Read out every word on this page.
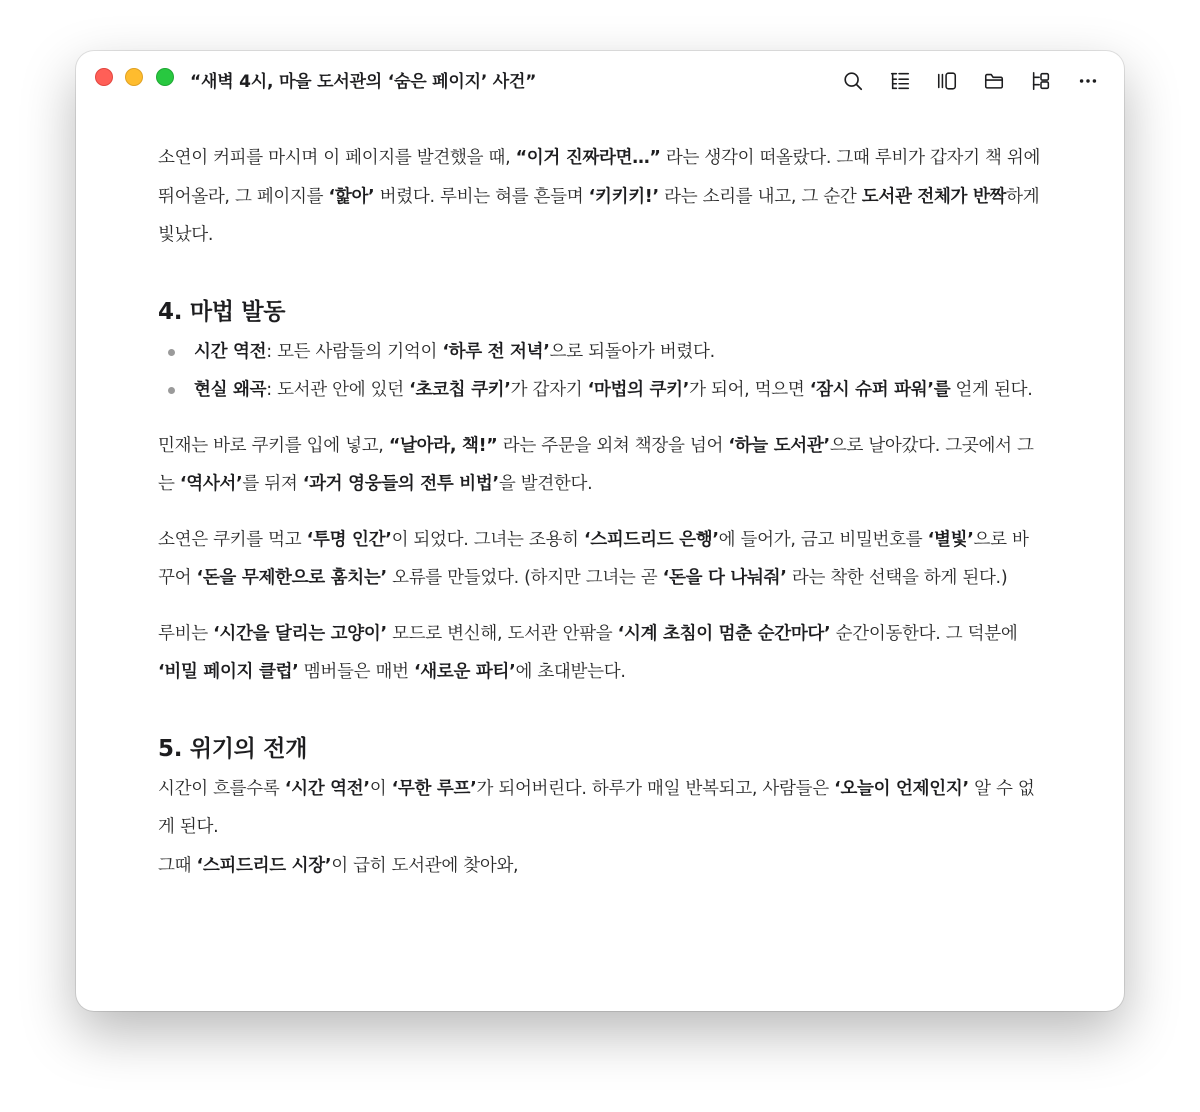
“새벽 4시, 마을 도서관의 ‘숨은 페이지’ 사건”

소연이 커피를 마시며 이 페이지를 발견했을 때, “이거 진짜라면…” 라는 생각이 떠올랐다. 그때 루비가 갑자기 책 위에 뛰어올라, 그 페이지를 ‘핥아’ 버렸다. 루비는 혀를 흔들며 ‘키키키!’ 라는 소리를 내고, 그 순간 도서관 전체가 반짝하게 빛났다.

4. 마법 발동
시간 역전: 모든 사람들의 기억이 ‘하루 전 저녁’으로 되돌아가 버렸다.
현실 왜곡: 도서관 안에 있던 ‘초코칩 쿠키’가 갑자기 ‘마법의 쿠키’가 되어, 먹으면 ‘잠시 슈퍼 파워’를 얻게 된다.

민재는 바로 쿠키를 입에 넣고, “날아라, 책!” 라는 주문을 외쳐 책장을 넘어 ‘하늘 도서관’으로 날아갔다. 그곳에서 그는 ‘역사서’를 뒤져 ‘과거 영웅들의 전투 비법’을 발견한다.

소연은 쿠키를 먹고 ‘투명 인간’이 되었다. 그녀는 조용히 ‘스피드리드 은행’에 들어가, 금고 비밀번호를 ‘별빛’으로 바꾸어 ‘돈을 무제한으로 훔치는’ 오류를 만들었다. (하지만 그녀는 곧 ‘돈을 다 나눠줘’ 라는 착한 선택을 하게 된다.)

루비는 ‘시간을 달리는 고양이’ 모드로 변신해, 도서관 안팎을 ‘시계 초침이 멈춘 순간마다’ 순간이동한다. 그 덕분에 ‘비밀 페이지 클럽’ 멤버들은 매번 ‘새로운 파티’에 초대받는다.

5. 위기의 전개

시간이 흐를수록 ‘시간 역전’이 ‘무한 루프’가 되어버린다. 하루가 매일 반복되고, 사람들은 ‘오늘이 언제인지’ 알 수 없게 된다.

그때 ‘스피드리드 시장’이 급히 도서관에 찾아와,
